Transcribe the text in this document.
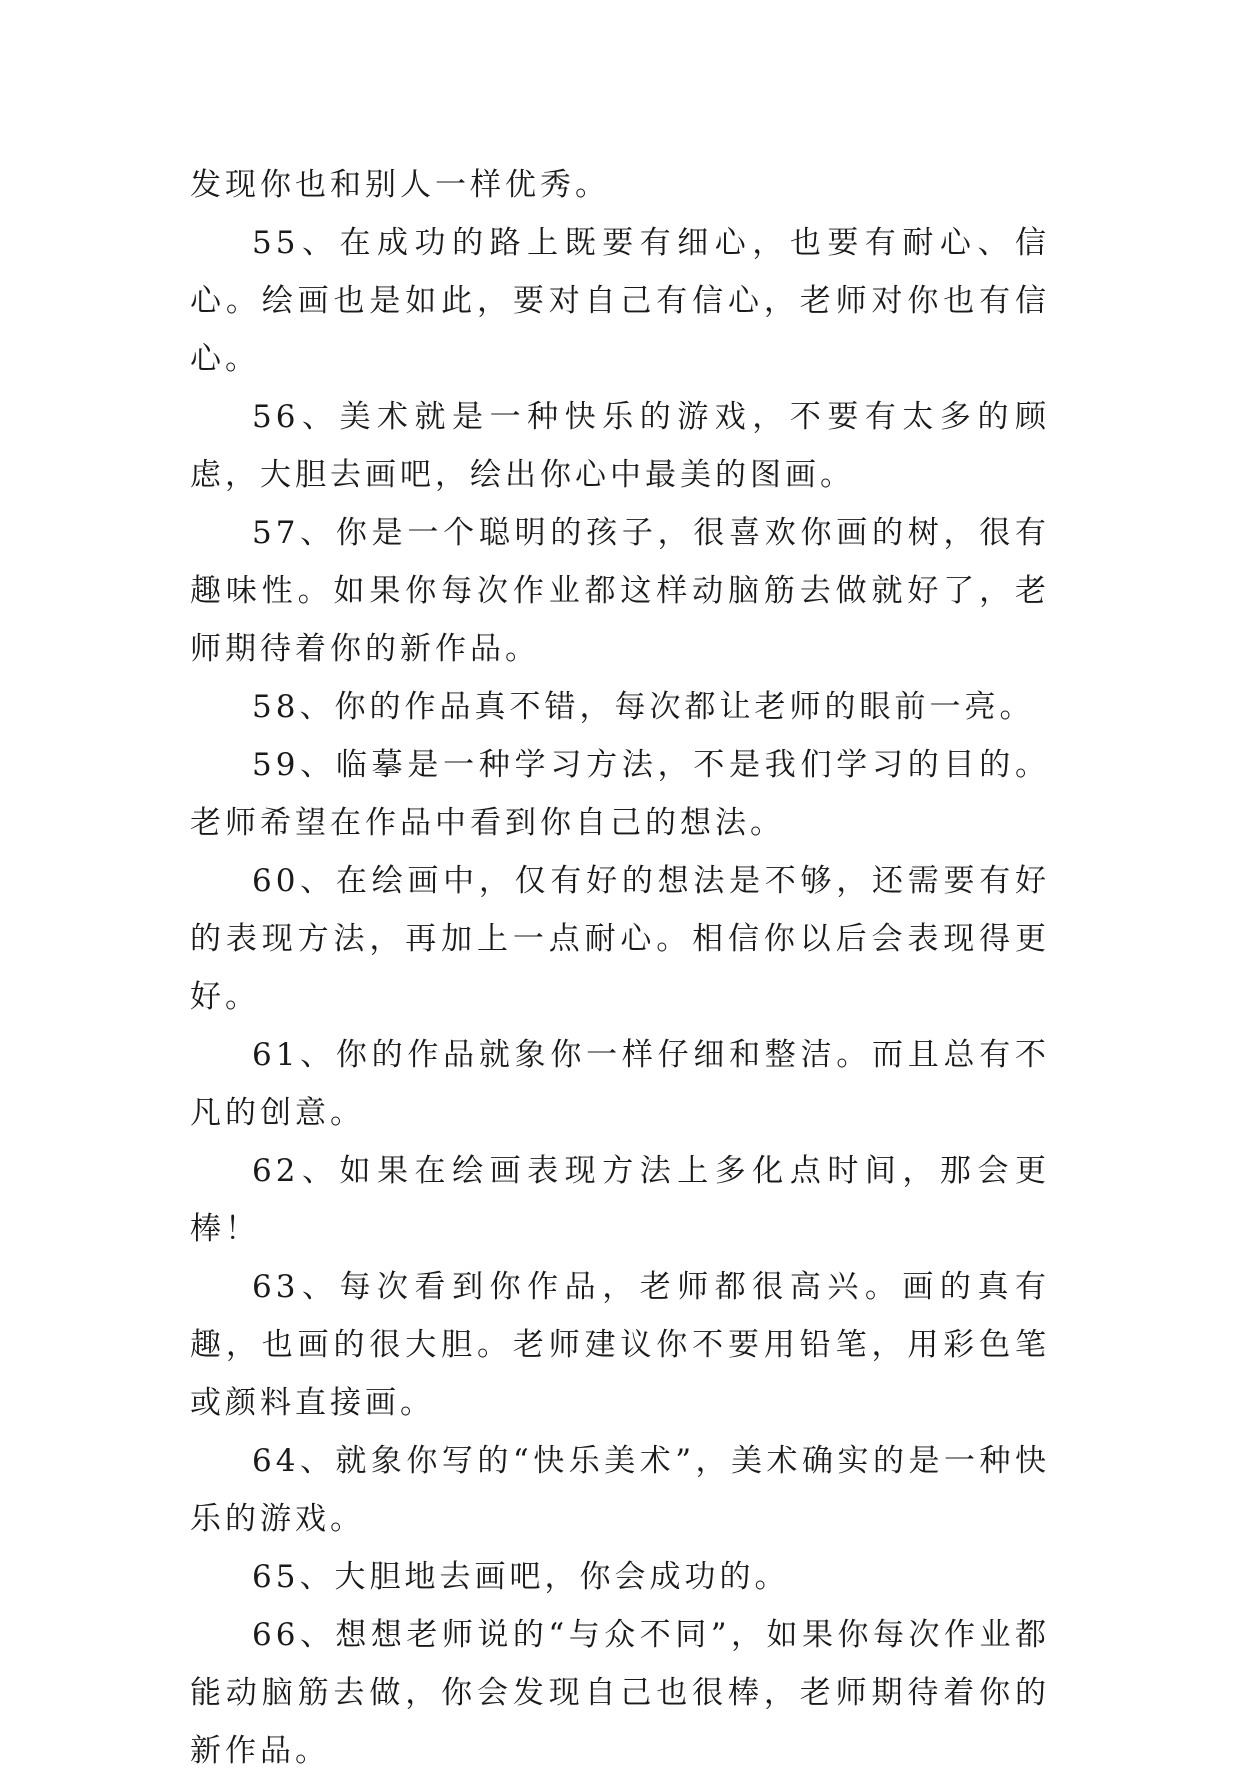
发现你也和别人一样优秀。

55、在成功的路上既要有细心，也要有耐心、信心。绘画也是如此，要对自己有信心，老师对你也有信心。

56、美术就是一种快乐的游戏，不要有太多的顾虑，大胆去画吧，绘出你心中最美的图画。

57、你是一个聪明的孩子，很喜欢你画的树，很有趣味性。如果你每次作业都这样动脑筋去做就好了，老师期待着你的新作品。

58、你的作品真不错，每次都让老师的眼前一亮。

59、临摹是一种学习方法，不是我们学习的目的。老师希望在作品中看到你自己的想法。

60、在绘画中，仅有好的想法是不够，还需要有好的表现方法，再加上一点耐心。相信你以后会表现得更好。

61、你的作品就象你一样仔细和整洁。而且总有不凡的创意。

62、如果在绘画表现方法上多化点时间，那会更棒！

63、每次看到你作品，老师都很高兴。画的真有趣，也画的很大胆。老师建议你不要用铅笔，用彩色笔或颜料直接画。

64、就象你写的“快乐美术”，美术确实的是一种快乐的游戏。

65、大胆地去画吧，你会成功的。

66、想想老师说的“与众不同”，如果你每次作业都能动脑筋去做，你会发现自己也很棒，老师期待着你的新作品。
